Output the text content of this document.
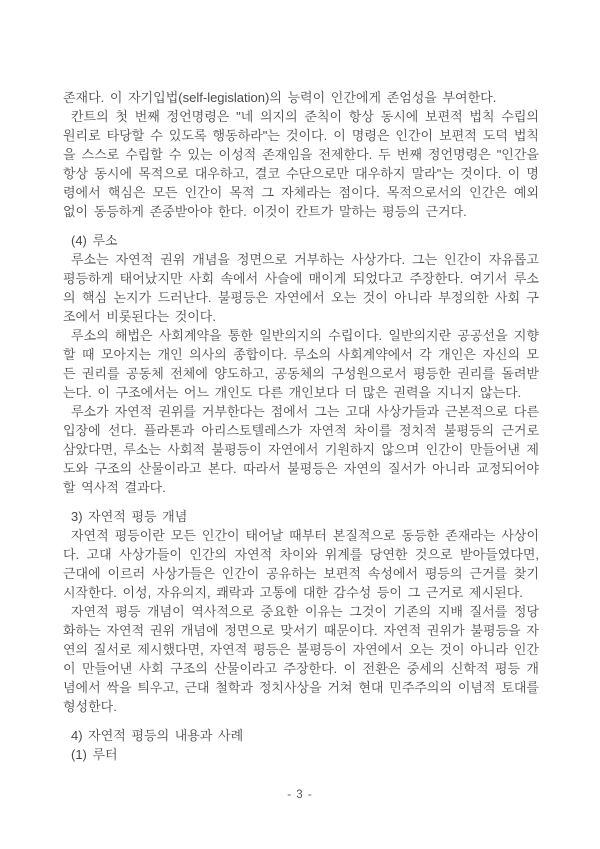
존재다. 이 자기입법(self-legislation)의 능력이 인간에게 존엄성을 부여한다.

칸트의 첫 번째 정언명령은 "네 의지의 준칙이 항상 동시에 보편적 법칙 수립의 원리로 타당할 수 있도록 행동하라"는 것이다. 이 명령은 인간이 보편적 도덕 법칙을 스스로 수립할 수 있는 이성적 존재임을 전제한다. 두 번째 정언명령은 "인간을 항상 동시에 목적으로 대우하고, 결코 수단으로만 대우하지 말라"는 것이다. 이 명령에서 핵심은 모든 인간이 목적 그 자체라는 점이다. 목적으로서의 인간은 예외 없이 동등하게 존중받아야 한다. 이것이 칸트가 말하는 평등의 근거다.

(4) 루소

루소는 자연적 권위 개념을 정면으로 거부하는 사상가다. 그는 인간이 자유롭고 평등하게 태어났지만 사회 속에서 사슬에 매이게 되었다고 주장한다. 여기서 루소의 핵심 논지가 드러난다. 불평등은 자연에서 오는 것이 아니라 부정의한 사회 구조에서 비롯된다는 것이다.

루소의 해법은 사회계약을 통한 일반의지의 수립이다. 일반의지란 공공선을 지향할 때 모아지는 개인 의사의 종합이다. 루소의 사회계약에서 각 개인은 자신의 모든 권리를 공동체 전체에 양도하고, 공동체의 구성원으로서 평등한 권리를 돌려받는다. 이 구조에서는 어느 개인도 다른 개인보다 더 많은 권력을 지니지 않는다.

루소가 자연적 권위를 거부한다는 점에서 그는 고대 사상가들과 근본적으로 다른 입장에 선다. 플라톤과 아리스토텔레스가 자연적 차이를 정치적 불평등의 근거로 삼았다면, 루소는 사회적 불평등이 자연에서 기원하지 않으며 인간이 만들어낸 제도와 구조의 산물이라고 본다. 따라서 불평등은 자연의 질서가 아니라 교정되어야 할 역사적 결과다.

3) 자연적 평등 개념

자연적 평등이란 모든 인간이 태어날 때부터 본질적으로 동등한 존재라는 사상이다. 고대 사상가들이 인간의 자연적 차이와 위계를 당연한 것으로 받아들였다면, 근대에 이르러 사상가들은 인간이 공유하는 보편적 속성에서 평등의 근거를 찾기 시작한다. 이성, 자유의지, 쾌락과 고통에 대한 감수성 등이 그 근거로 제시된다.

자연적 평등 개념이 역사적으로 중요한 이유는 그것이 기존의 지배 질서를 정당화하는 자연적 권위 개념에 정면으로 맞서기 때문이다. 자연적 권위가 불평등을 자연의 질서로 제시했다면, 자연적 평등은 불평등이 자연에서 오는 것이 아니라 인간이 만들어낸 사회 구조의 산물이라고 주장한다. 이 전환은 중세의 신학적 평등 개념에서 싹을 틔우고, 근대 철학과 정치사상을 거쳐 현대 민주주의의 이념적 토대를 형성한다.

4) 자연적 평등의 내용과 사례

(1) 루터

- 3 -
